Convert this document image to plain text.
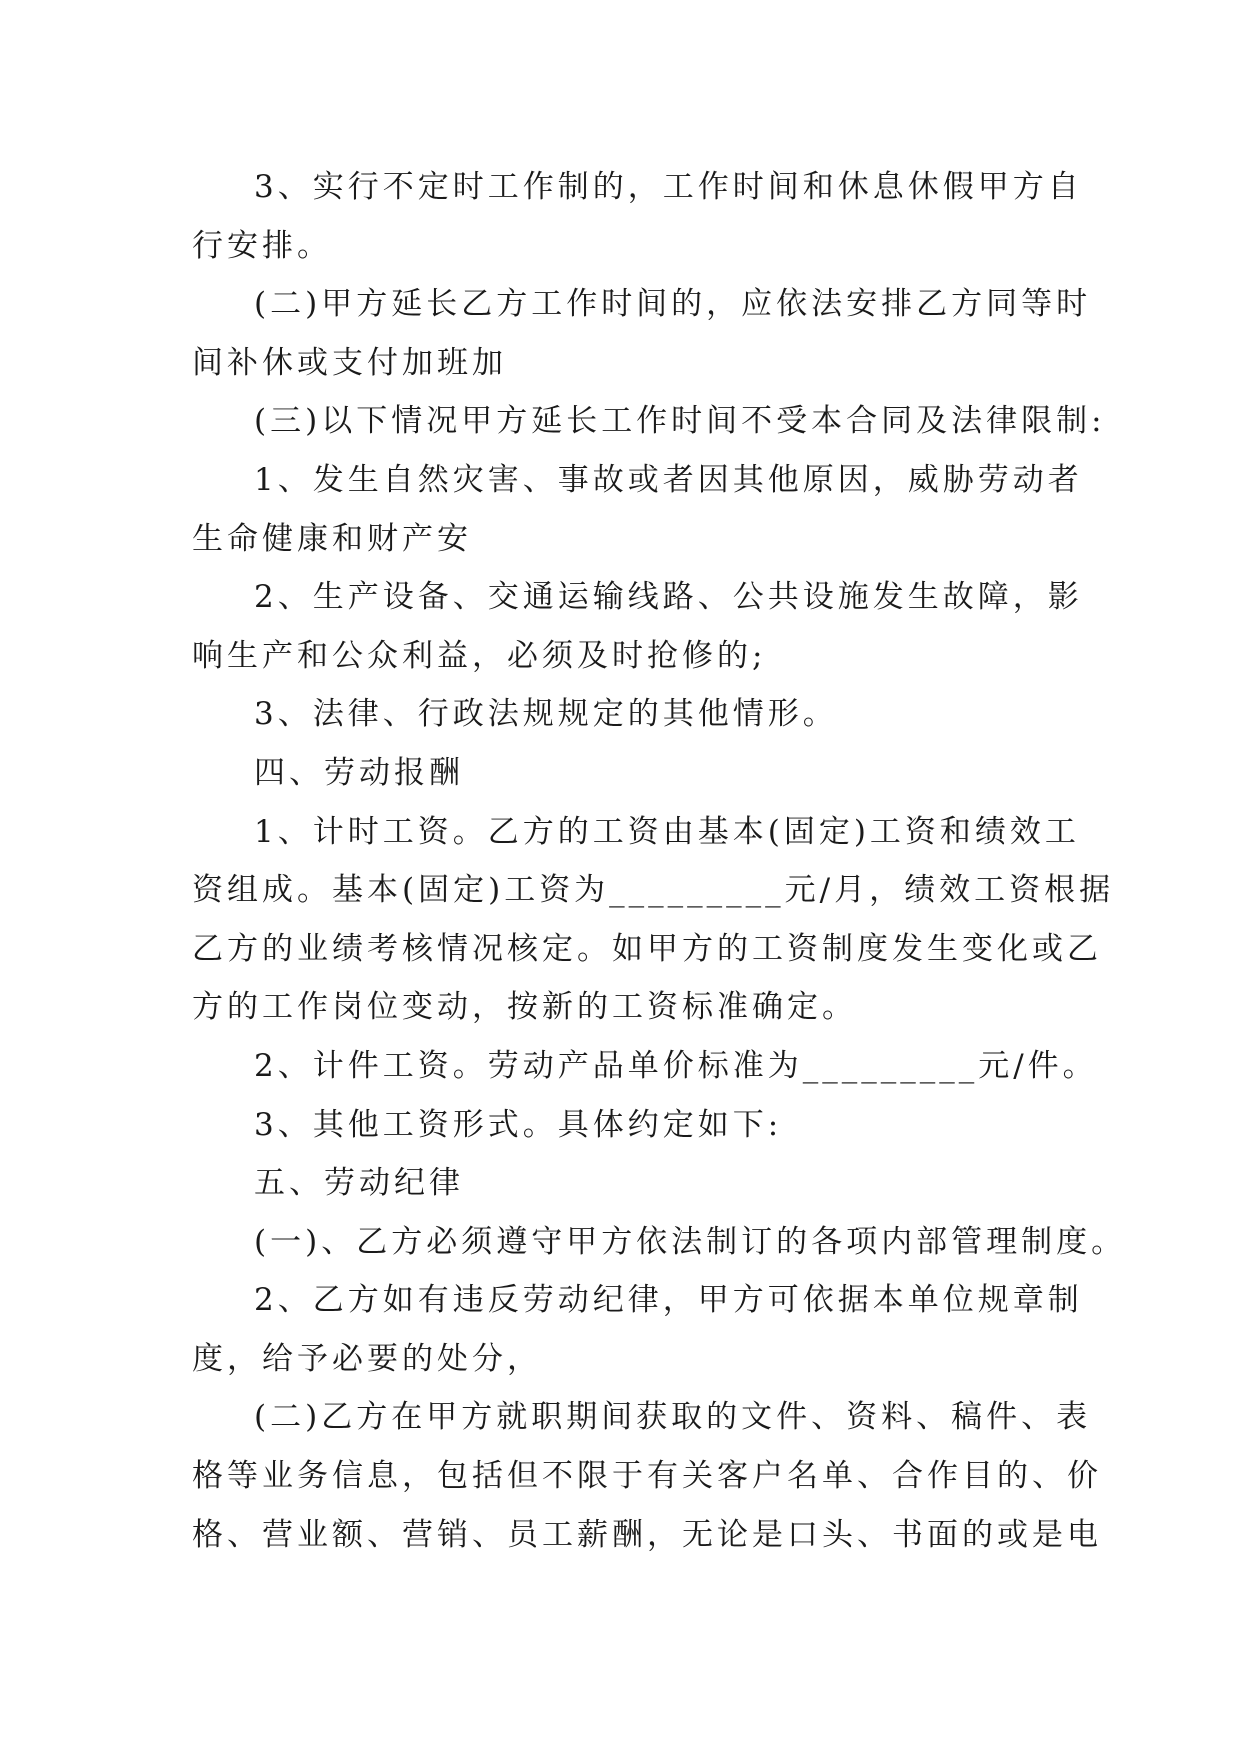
3、实行不定时工作制的，工作时间和休息休假甲方自
行安排。
(二)甲方延长乙方工作时间的，应依法安排乙方同等时
间补休或支付加班加
(三)以下情况甲方延长工作时间不受本合同及法律限制:
1、发生自然灾害、事故或者因其他原因，威胁劳动者
生命健康和财产安
2、生产设备、交通运输线路、公共设施发生故障，影
响生产和公众利益，必须及时抢修的;
3、法律、行政法规规定的其他情形。
四、劳动报酬
1、计时工资。乙方的工资由基本(固定)工资和绩效工
资组成。基本(固定)工资为_________元/月，绩效工资根据
乙方的业绩考核情况核定。如甲方的工资制度发生变化或乙
方的工作岗位变动，按新的工资标准确定。
2、计件工资。劳动产品单价标准为_________元/件。
3、其他工资形式。具体约定如下:
五、劳动纪律
(一)、乙方必须遵守甲方依法制订的各项内部管理制度。
2、乙方如有违反劳动纪律，甲方可依据本单位规章制
度，给予必要的处分，
(二)乙方在甲方就职期间获取的文件、资料、稿件、表
格等业务信息，包括但不限于有关客户名单、合作目的、价
格、营业额、营销、员工薪酬，无论是口头、书面的或是电
